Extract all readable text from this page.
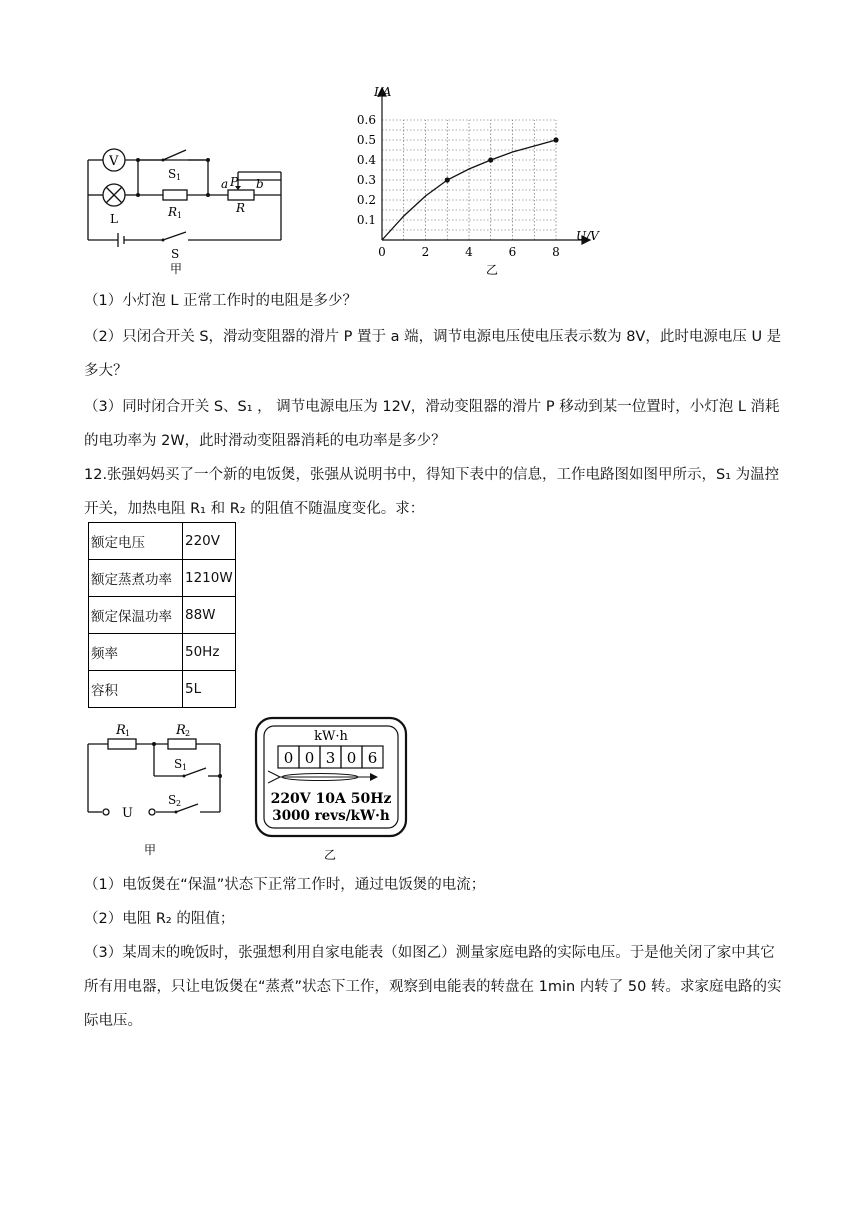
V
L
S 1
R 1
a P b
R
S
甲
0.1
0.2
0.3
0.4
0.5
0.6
0	2	4	6	8
I/A
U/V
乙
（1）小灯泡 L 正常工作时的电阻是多少？
（2）只闭合开关 S，滑动变阻器的滑片 P 置于 a 端，调节电源电压使电压表示数为 8V，此时电源电压 U 是多大？
（3）同时闭合开关 S、S₁ ， 调节电源电压为 12V，滑动变阻器的滑片 P 移动到某一位置时，小灯泡 L 消耗的电功率为 2W，此时滑动变阻器消耗的电功率是多少？
12.张强妈妈买了一个新的电饭煲，张强从说明书中，得知下表中的信息，工作电路图如图甲所示，S₁ 为温控开关，加热电阻 R₁ 和 R₂ 的阻值不随温度变化。求：
额定电压	220V
额定蒸煮功率	1210W
额定保温功率	88W
频率	50Hz
容积	5L
R 1	R 2
S 1
S 2
U
甲
kW·h
0 0 3 0 6
220V 10A 50Hz
3000 revs/kW·h
乙
（1）电饭煲在“保温”状态下正常工作时，通过电饭煲的电流；
（2）电阻 R₂ 的阻值；
（3）某周末的晚饭时，张强想利用自家电能表（如图乙）测量家庭电路的实际电压。于是他关闭了家中其它所有用电器，只让电饭煲在“蒸煮”状态下工作，观察到电能表的转盘在 1min 内转了 50 转。求家庭电路的实际电压。
